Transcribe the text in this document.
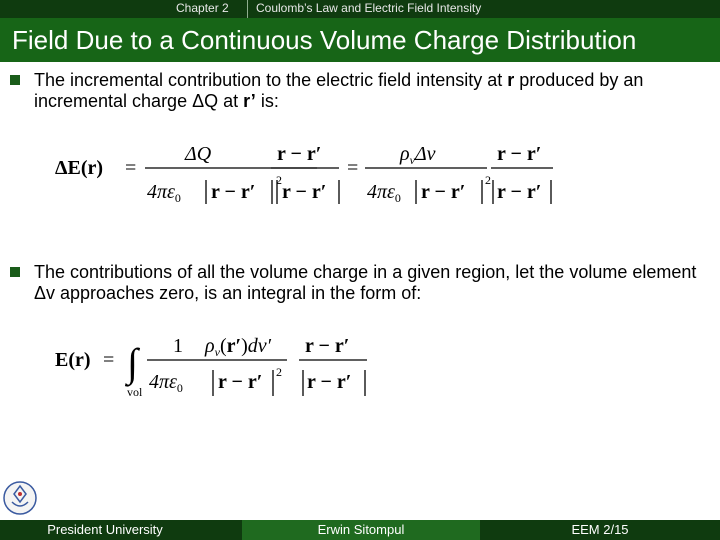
Chapter 2 Coulomb’s Law and Electric Field Intensity
Field Due to a Continuous Volume Charge Distribution
The incremental contribution to the electric field intensity at r produced by an incremental charge ΔQ at r’ is:
ΔE(r) =
ΔQ
$4\pi\varepsilon_0$ r − r′
2
r − r′
r − r′
=
$\rho_v\Delta v$
$4\pi\varepsilon_0$ r − r′
2
r − r′
r − r′
The contributions of all the volume charge in a given region, let the volume element Δv approaches zero, is an integral in the form of:
E(r) = ∫
vol
1
$4\pi\varepsilon_0$ r − r′ 2
$\rho_v(r')dv'$ r − r′
r − r′
President University	Erwin Sitompul	EEM 2/15
